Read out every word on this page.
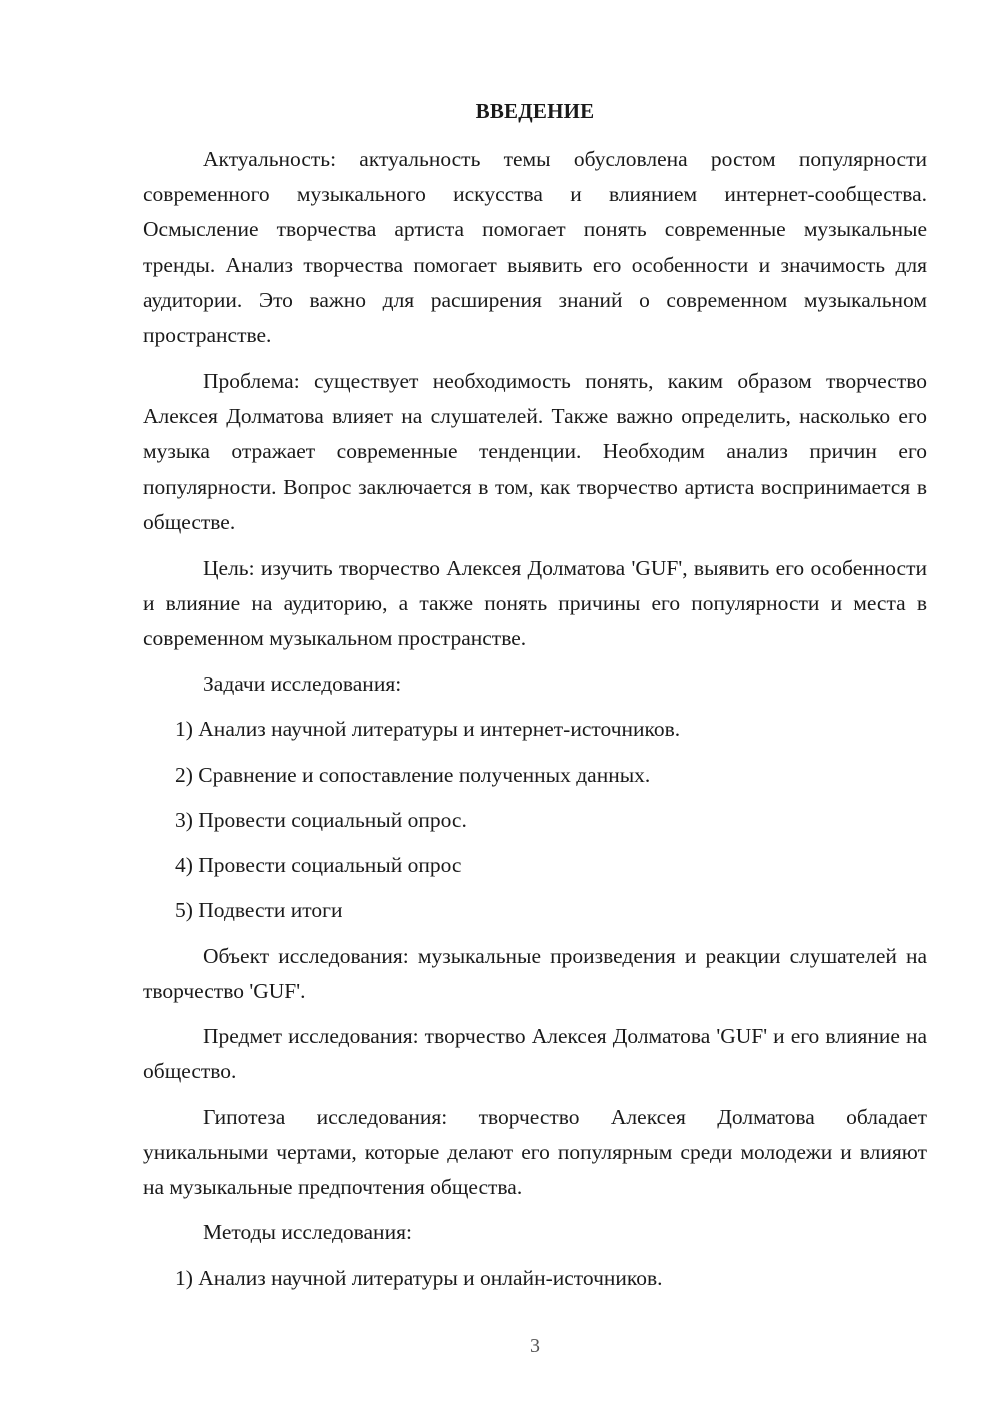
ВВЕДЕНИЕ

Актуальность: актуальность темы обусловлена ростом популярности современного музыкального искусства и влиянием интернет-сообщества. Осмысление творчества артиста помогает понять современные музыкальные тренды. Анализ творчества помогает выявить его особенности и значимость для аудитории. Это важно для расширения знаний о современном музыкальном пространстве.

Проблема: существует необходимость понять, каким образом творчество Алексея Долматова влияет на слушателей. Также важно определить, насколько его музыка отражает современные тенденции. Необходим анализ причин его популярности. Вопрос заключается в том, как творчество артиста воспринимается в обществе.

Цель: изучить творчество Алексея Долматова 'GUF', выявить его особенности и влияние на аудиторию, а также понять причины его популярности и места в современном музыкальном пространстве.

Задачи исследования:

1) Анализ научной литературы и интернет-источников.

2) Сравнение и сопоставление полученных данных.

3) Провести социальный опрос.

4) Провести социальный опрос

5) Подвести итоги

Объект исследования: музыкальные произведения и реакции слушателей на творчество 'GUF'.

Предмет исследования: творчество Алексея Долматова 'GUF' и его влияние на общество.

Гипотеза исследования: творчество Алексея Долматова обладает уникальными чертами, которые делают его популярным среди молодежи и влияют на музыкальные предпочтения общества.

Методы исследования:

1) Анализ научной литературы и онлайн-источников.

3
